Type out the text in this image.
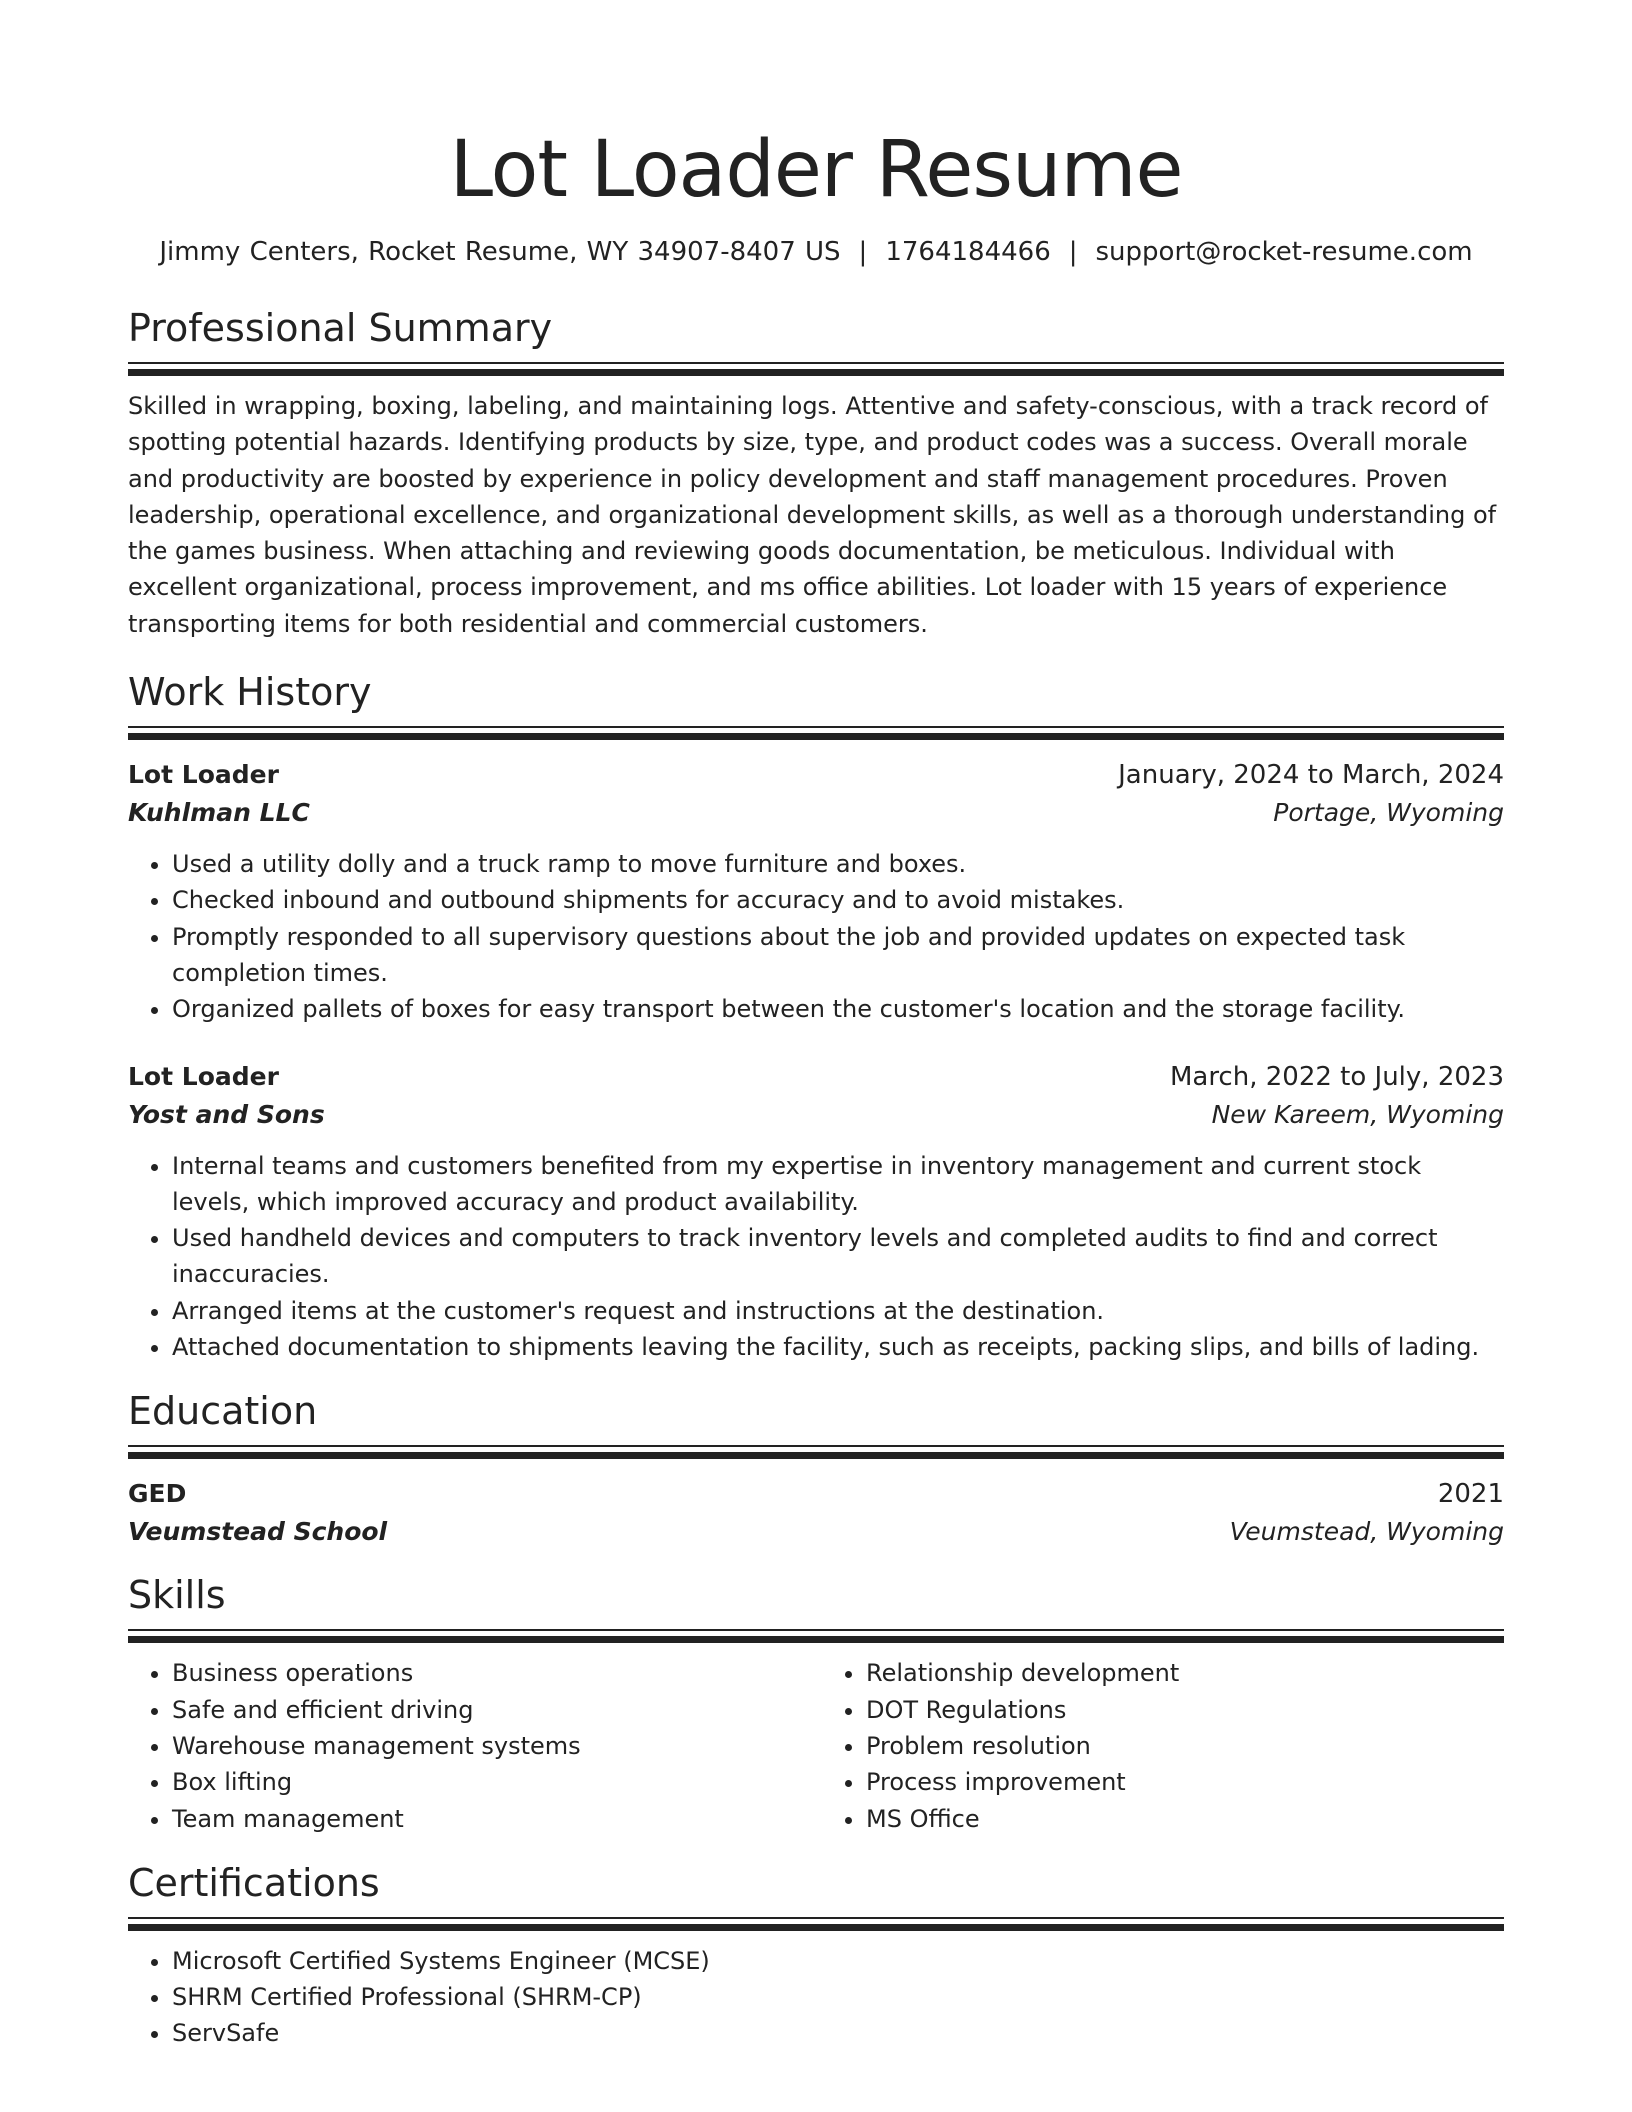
Lot Loader Resume
Jimmy Centers, Rocket Resume, WY 34907-8407 US | 1764184466 | support@rocket-resume.com
Professional Summary

Skilled in wrapping, boxing, labeling, and maintaining logs. Attentive and safety-conscious, with a track record of spotting potential hazards. Identifying products by size, type, and product codes was a success. Overall morale and productivity are boosted by experience in policy development and staff management procedures. Proven leadership, operational excellence, and organizational development skills, as well as a thorough understanding of the games business. When attaching and reviewing goods documentation, be meticulous. Individual with excellent organizational, process improvement, and ms office abilities. Lot loader with 15 years of experience transporting items for both residential and commercial customers.

Work History
Lot Loader	January, 2024 to March, 2024
Kuhlman LLC	Portage, Wyoming
• Used a utility dolly and a truck ramp to move furniture and boxes.
• Checked inbound and outbound shipments for accuracy and to avoid mistakes.
• Promptly responded to all supervisory questions about the job and provided updates on expected task completion times.
• Organized pallets of boxes for easy transport between the customer's location and the storage facility.
Lot Loader	March, 2022 to July, 2023
Yost and Sons	New Kareem, Wyoming
• Internal teams and customers benefited from my expertise in inventory management and current stock levels, which improved accuracy and product availability.
• Used handheld devices and computers to track inventory levels and completed audits to find and correct inaccuracies.
• Arranged items at the customer's request and instructions at the destination.
• Attached documentation to shipments leaving the facility, such as receipts, packing slips, and bills of lading.
Education
GED	2021
Veumstead School	Veumstead, Wyoming
Skills
• Business operations
• Safe and efficient driving
• Warehouse management systems
• Box lifting
• Team management
• Relationship development
• DOT Regulations
• Problem resolution
• Process improvement
• MS Office
Certifications
• Microsoft Certified Systems Engineer (MCSE)
• SHRM Certified Professional (SHRM-CP)
• ServSafe
